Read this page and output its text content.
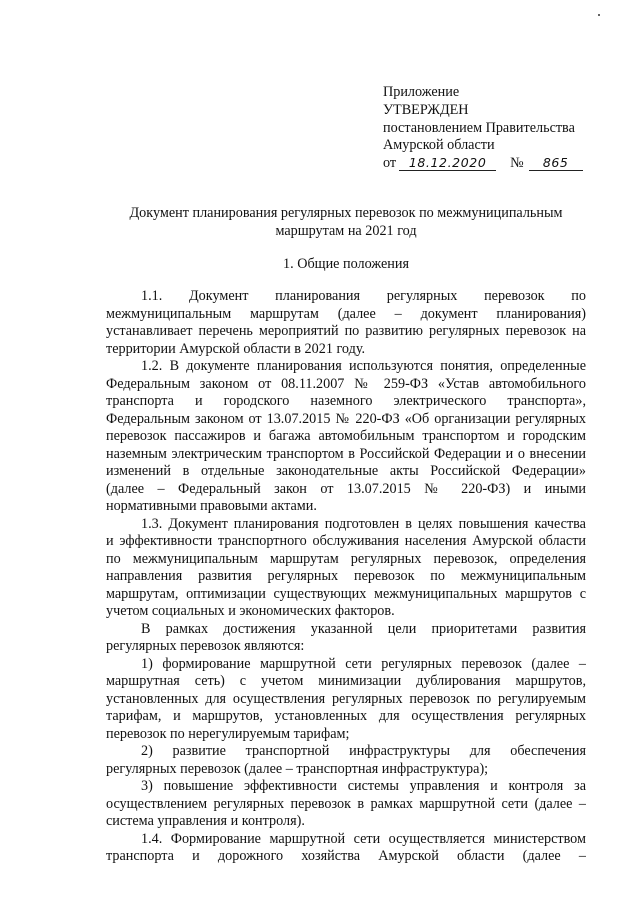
Приложение
УТВЕРЖДЕН
постановлением Правительства
Амурской области
от 18.12.2020 № 865
Документ планирования регулярных перевозок по межмуниципальным
маршрутам на 2021 год
1. Общие положения
1.1. Документ планирования регулярных перевозок по
межмуниципальным маршрутам (далее – документ планирования)
устанавливает перечень мероприятий по развитию регулярных перевозок на
территории Амурской области в 2021 году.
1.2. В документе планирования используются понятия, определенные
Федеральным законом от 08.11.2007 № 259-ФЗ «Устав автомобильного
транспорта и городского наземного электрического транспорта»,
Федеральным законом от 13.07.2015 № 220-ФЗ «Об организации регулярных
перевозок пассажиров и багажа автомобильным транспортом и городским
наземным электрическим транспортом в Российской Федерации и о внесении
изменений в отдельные законодательные акты Российской Федерации»
(далее – Федеральный закон от 13.07.2015 № 220-ФЗ) и иными
нормативными правовыми актами.
1.3. Документ планирования подготовлен в целях повышения качества
и эффективности транспортного обслуживания населения Амурской области
по межмуниципальным маршрутам регулярных перевозок, определения
направления развития регулярных перевозок по межмуниципальным
маршрутам, оптимизации существующих межмуниципальных маршрутов с
учетом социальных и экономических факторов.
В рамках достижения указанной цели приоритетами развития
регулярных перевозок являются:
1) формирование маршрутной сети регулярных перевозок (далее –
маршрутная сеть) с учетом минимизации дублирования маршрутов,
установленных для осуществления регулярных перевозок по регулируемым
тарифам, и маршрутов, установленных для осуществления регулярных
перевозок по нерегулируемым тарифам;
2) развитие транспортной инфраструктуры для обеспечения
регулярных перевозок (далее – транспортная инфраструктура);
3) повышение эффективности системы управления и контроля за
осуществлением регулярных перевозок в рамках маршрутной сети (далее –
система управления и контроля).
1.4. Формирование маршрутной сети осуществляется министерством
транспорта и дорожного хозяйства Амурской области (далее –
